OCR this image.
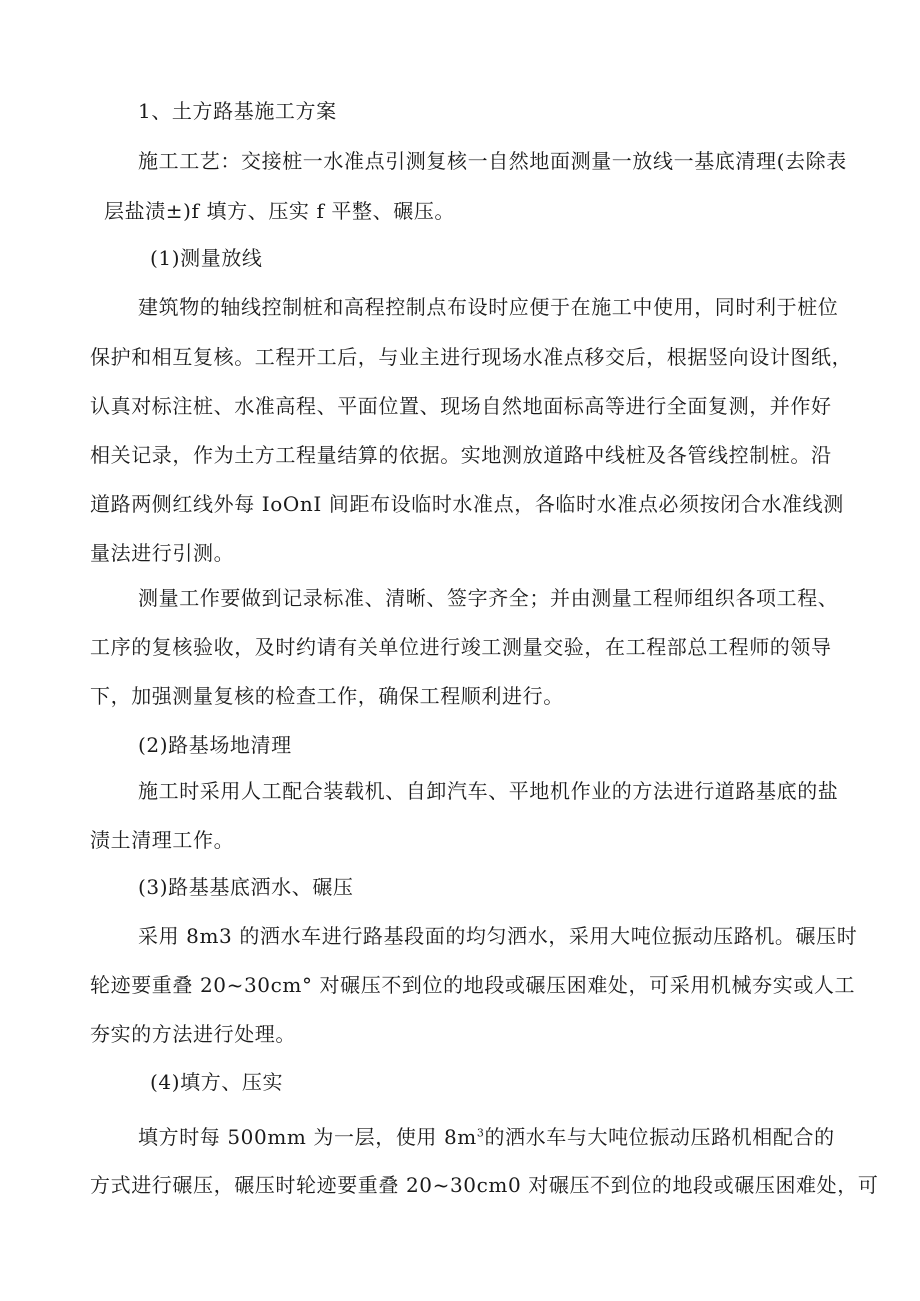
1、土方路基施工方案
施工工艺：交接桩一水准点引测复核一自然地面测量一放线一基底清理(去除表
层盐渍±)f 填方、压实 f 平整、碾压。
(1)测量放线
建筑物的轴线控制桩和高程控制点布设时应便于在施工中使用，同时利于桩位
保护和相互复核。工程开工后，与业主进行现场水准点移交后，根据竖向设计图纸，
认真对标注桩、水准高程、平面位置、现场自然地面标高等进行全面复测，并作好
相关记录，作为土方工程量结算的依据。实地测放道路中线桩及各管线控制桩。沿
道路两侧红线外每 IoOnI 间距布设临时水准点，各临时水准点必须按闭合水准线测
量法进行引测。
测量工作要做到记录标准、清晰、签字齐全；并由测量工程师组织各项工程、
工序的复核验收，及时约请有关单位进行竣工测量交验，在工程部总工程师的领导
下，加强测量复核的检查工作，确保工程顺利进行。
(2)路基场地清理
施工时采用人工配合装载机、自卸汽车、平地机作业的方法进行道路基底的盐
渍土清理工作。
(3)路基基底洒水、碾压
采用 8m3 的洒水车进行路基段面的均匀洒水，采用大吨位振动压路机。碾压时
轮迹要重叠 20~30cm° 对碾压不到位的地段或碾压困难处，可采用机械夯实或人工
夯实的方法进行处理。
(4)填方、压实
填方时每 500mm 为一层，使用 $8m^3$的洒水车与大吨位振动压路机相配合的
方式进行碾压，碾压时轮迹要重叠 20~30cm0 对碾压不到位的地段或碾压困难处，可
